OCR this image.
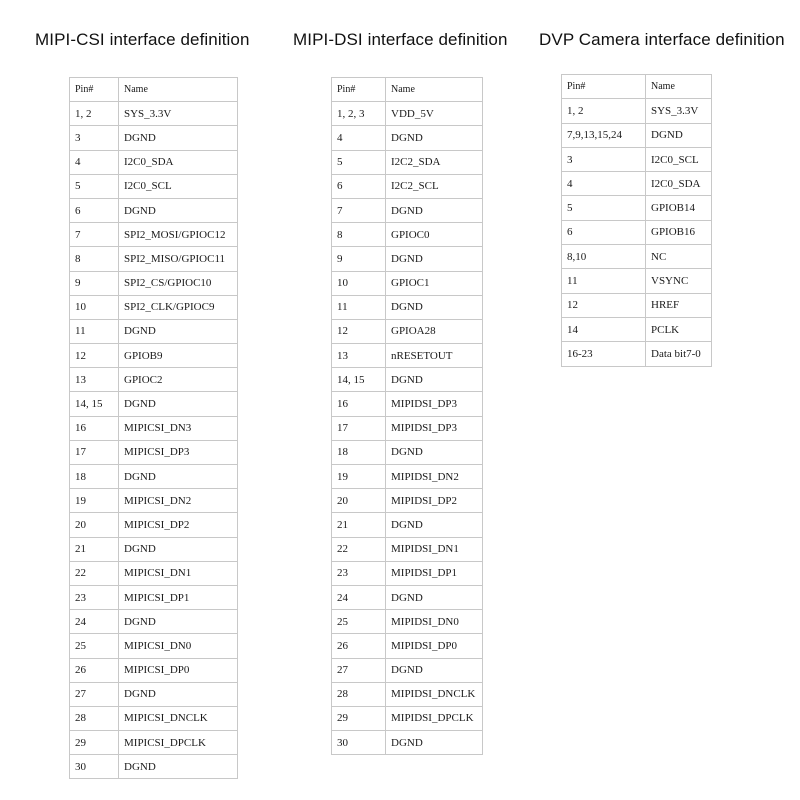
MIPI-CSI interface definition
Pin#	Name
1, 2	SYS_3.3V
3	DGND
4	I2C0_SDA
5	I2C0_SCL
6	DGND
7	SPI2_MOSI/GPIOC12
8	SPI2_MISO/GPIOC11
9	SPI2_CS/GPIOC10
10	SPI2_CLK/GPIOC9
11	DGND
12	GPIOB9
13	GPIOC2
14, 15	DGND
16	MIPICSI_DN3
17	MIPICSI_DP3
18	DGND
19	MIPICSI_DN2
20	MIPICSI_DP2
21	DGND
22	MIPICSI_DN1
23	MIPICSI_DP1
24	DGND
25	MIPICSI_DN0
26	MIPICSI_DP0
27	DGND
28	MIPICSI_DNCLK
29	MIPICSI_DPCLK
30	DGND
MIPI-DSI interface definition
Pin#	Name
1, 2, 3	VDD_5V
4	DGND
5	I2C2_SDA
6	I2C2_SCL
7	DGND
8	GPIOC0
9	DGND
10	GPIOC1
11	DGND
12	GPIOA28
13	nRESETOUT
14, 15	DGND
16	MIPIDSI_DP3
17	MIPIDSI_DP3
18	DGND
19	MIPIDSI_DN2
20	MIPIDSI_DP2
21	DGND
22	MIPIDSI_DN1
23	MIPIDSI_DP1
24	DGND
25	MIPIDSI_DN0
26	MIPIDSI_DP0
27	DGND
28	MIPIDSI_DNCLK
29	MIPIDSI_DPCLK
30	DGND
DVP Camera interface definition
Pin#	Name
1, 2	SYS_3.3V
7,9,13,15,24	DGND
3	I2C0_SCL
4	I2C0_SDA
5	GPIOB14
6	GPIOB16
8,10	NC
11	VSYNC
12	HREF
14	PCLK
16-23	Data bit7-0
